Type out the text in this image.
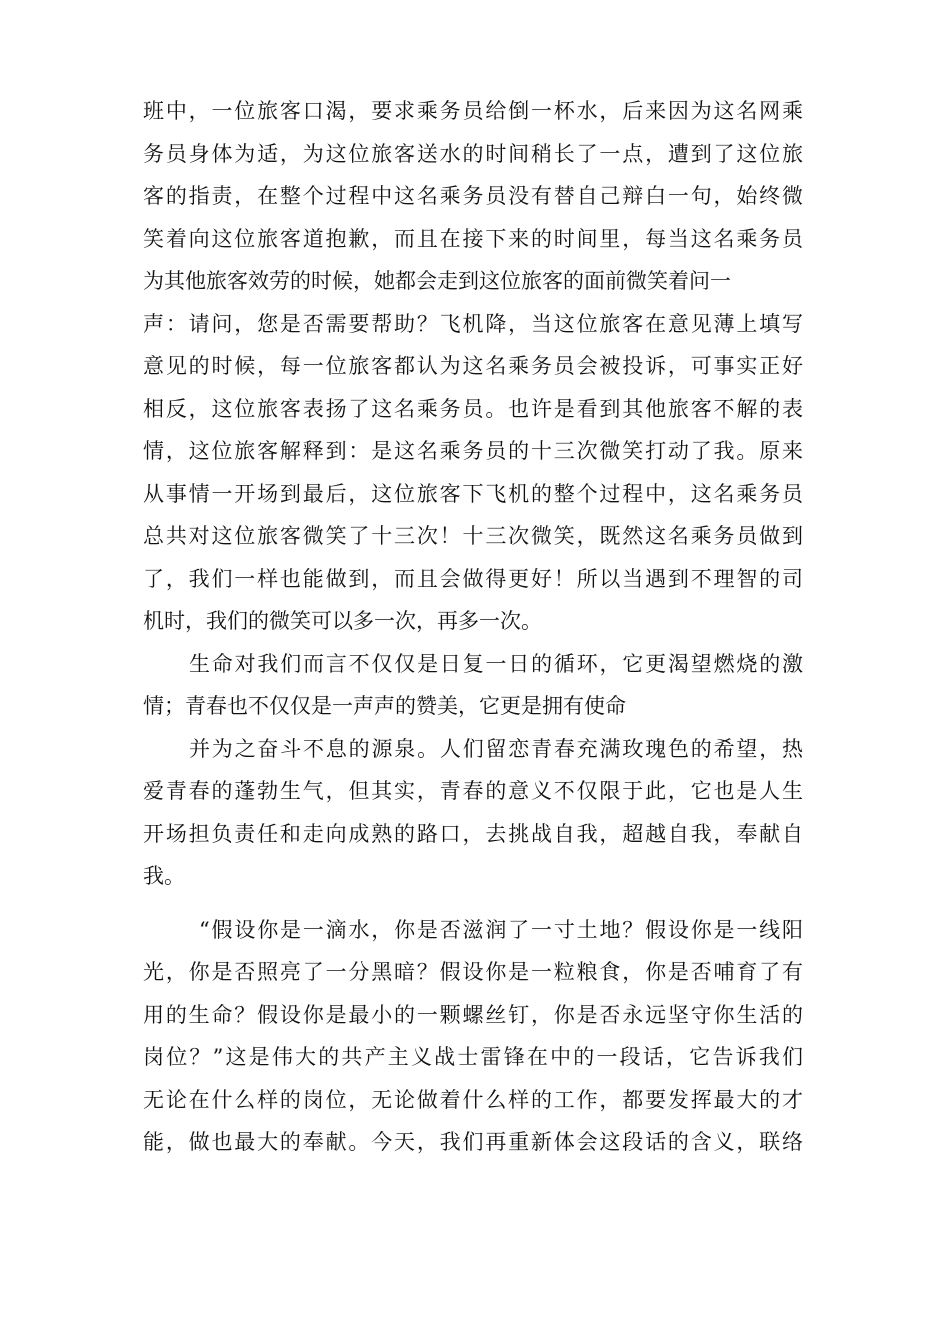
班中，一位旅客口渴，要求乘务员给倒一杯水，后来因为这名网乘
务员身体为适，为这位旅客送水的时间稍长了一点，遭到了这位旅
客的指责，在整个过程中这名乘务员没有替自己辩白一句，始终微
笑着向这位旅客道抱歉，而且在接下来的时间里，每当这名乘务员
为其他旅客效劳的时候，她都会走到这位旅客的面前微笑着问一
声：请问，您是否需要帮助？飞机降，当这位旅客在意见薄上填写
意见的时候，每一位旅客都认为这名乘务员会被投诉，可事实正好
相反，这位旅客表扬了这名乘务员。也许是看到其他旅客不解的表
情，这位旅客解释到：是这名乘务员的十三次微笑打动了我。原来
从事情一开场到最后，这位旅客下飞机的整个过程中，这名乘务员
总共对这位旅客微笑了十三次！十三次微笑，既然这名乘务员做到
了，我们一样也能做到，而且会做得更好！所以当遇到不理智的司
机时，我们的微笑可以多一次，再多一次。
生命对我们而言不仅仅是日复一日的循环，它更渴望燃烧的激
情；青春也不仅仅是一声声的赞美，它更是拥有使命
并为之奋斗不息的源泉。人们留恋青春充满玫瑰色的希望，热
爱青春的蓬勃生气，但其实，青春的意义不仅限于此，它也是人生
开场担负责任和走向成熟的路口，去挑战自我，超越自我，奉献自
我。
“假设你是一滴水，你是否滋润了一寸土地？假设你是一线阳
光，你是否照亮了一分黑暗？假设你是一粒粮食，你是否哺育了有
用的生命？假设你是最小的一颗螺丝钉，你是否永远坚守你生活的
岗位？”这是伟大的共产主义战士雷锋在中的一段话，它告诉我们
无论在什么样的岗位，无论做着什么样的工作，都要发挥最大的才
能，做也最大的奉献。今天，我们再重新体会这段话的含义，联络
